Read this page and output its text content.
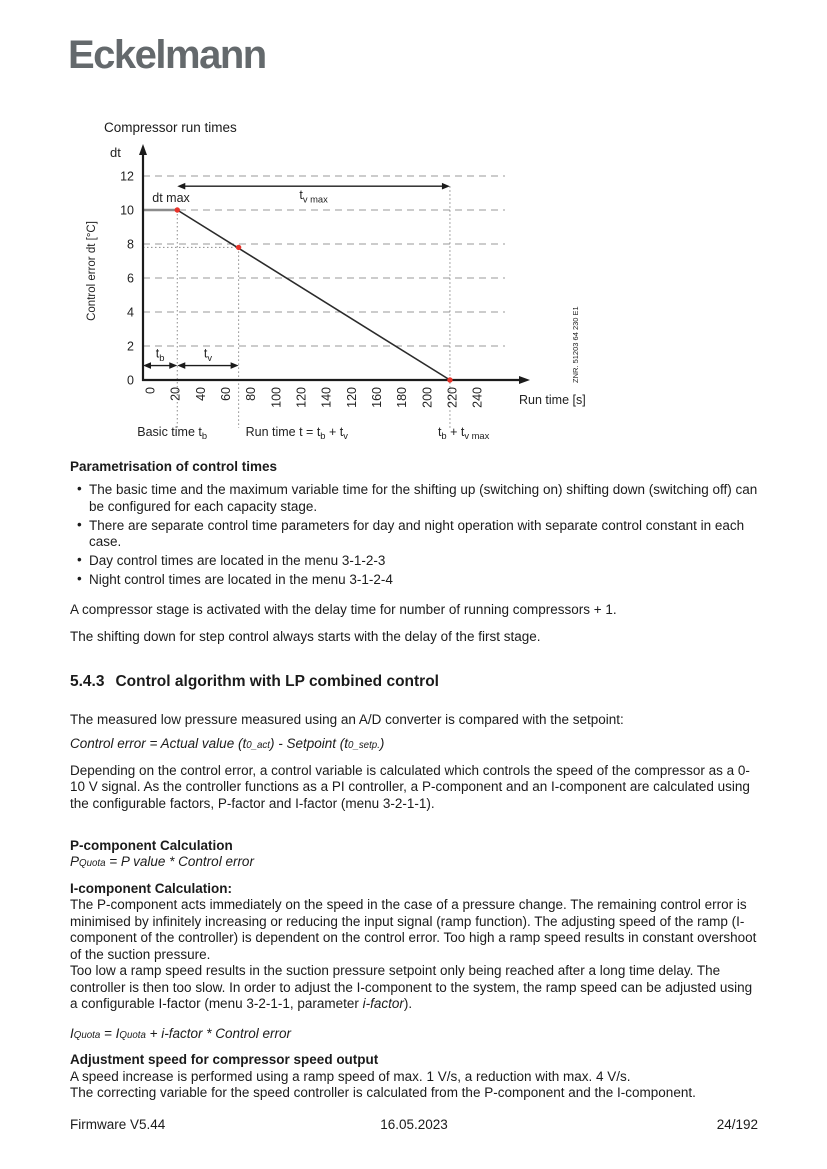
Eckelmann
Compressor run times
0
2
4
6
8
10
12
0 20 40 60 80 100 120 140 120 160 180 200 220 240
dt
Control error dt [°C]
Run time [s]
ZNR. 51203 64 230 E1
dt max	$t_{v max}$
$t_b$	$t_v$
Basic time $t_b$	Run time $t = t_b + t_v$	$t_b + t_{v max}$

Parametrisation of control times

• The basic time and the maximum variable time for the shifting up (switching on) shifting down (switching off) can be configured for each capacity stage.
• There are separate control time parameters for day and night operation with separate control constant in each case.
• Day control times are located in the menu 3-1-2-3
• Night control times are located in the menu 3-1-2-4

A compressor stage is activated with the delay time for number of running compressors + 1.

The shifting down for step control always starts with the delay of the first stage.

5.4.3 Control algorithm with LP combined control

The measured low pressure measured using an A/D converter is compared with the setpoint:

Control error = Actual value $(t_{0\_act})$ - Setpoint $(t_{0\_setp.})$

Depending on the control error, a control variable is calculated which controls the speed of the compressor as a 0-10 V signal. As the controller functions as a PI controller, a P-component and an I-component are calculated using the configurable factors, P-factor and I-factor (menu 3-2-1-1).

P-component Calculation

$P_{Quota} = P$ value * Control error

I-component Calculation:

The P-component acts immediately on the speed in the case of a pressure change. The remaining control error is minimised by infinitely increasing or reducing the input signal (ramp function). The adjusting speed of the ramp (I-component of the controller) is dependent on the control error. Too high a ramp speed results in constant overshoot of the suction pressure.

Too low a ramp speed results in the suction pressure setpoint only being reached after a long time delay. The controller is then too slow. In order to adjust the I-component to the system, the ramp speed can be adjusted using a configurable I-factor (menu 3-2-1-1, parameter i-factor).

$I_{Quota} = I_{Quota}$ + i-factor * Control error

Adjustment speed for compressor speed output

A speed increase is performed using a ramp speed of max. 1 V/s, a reduction with max. 4 V/s.

The correcting variable for the speed controller is calculated from the P-component and the I-component.

Firmware V5.44	16.05.2023	24/192
